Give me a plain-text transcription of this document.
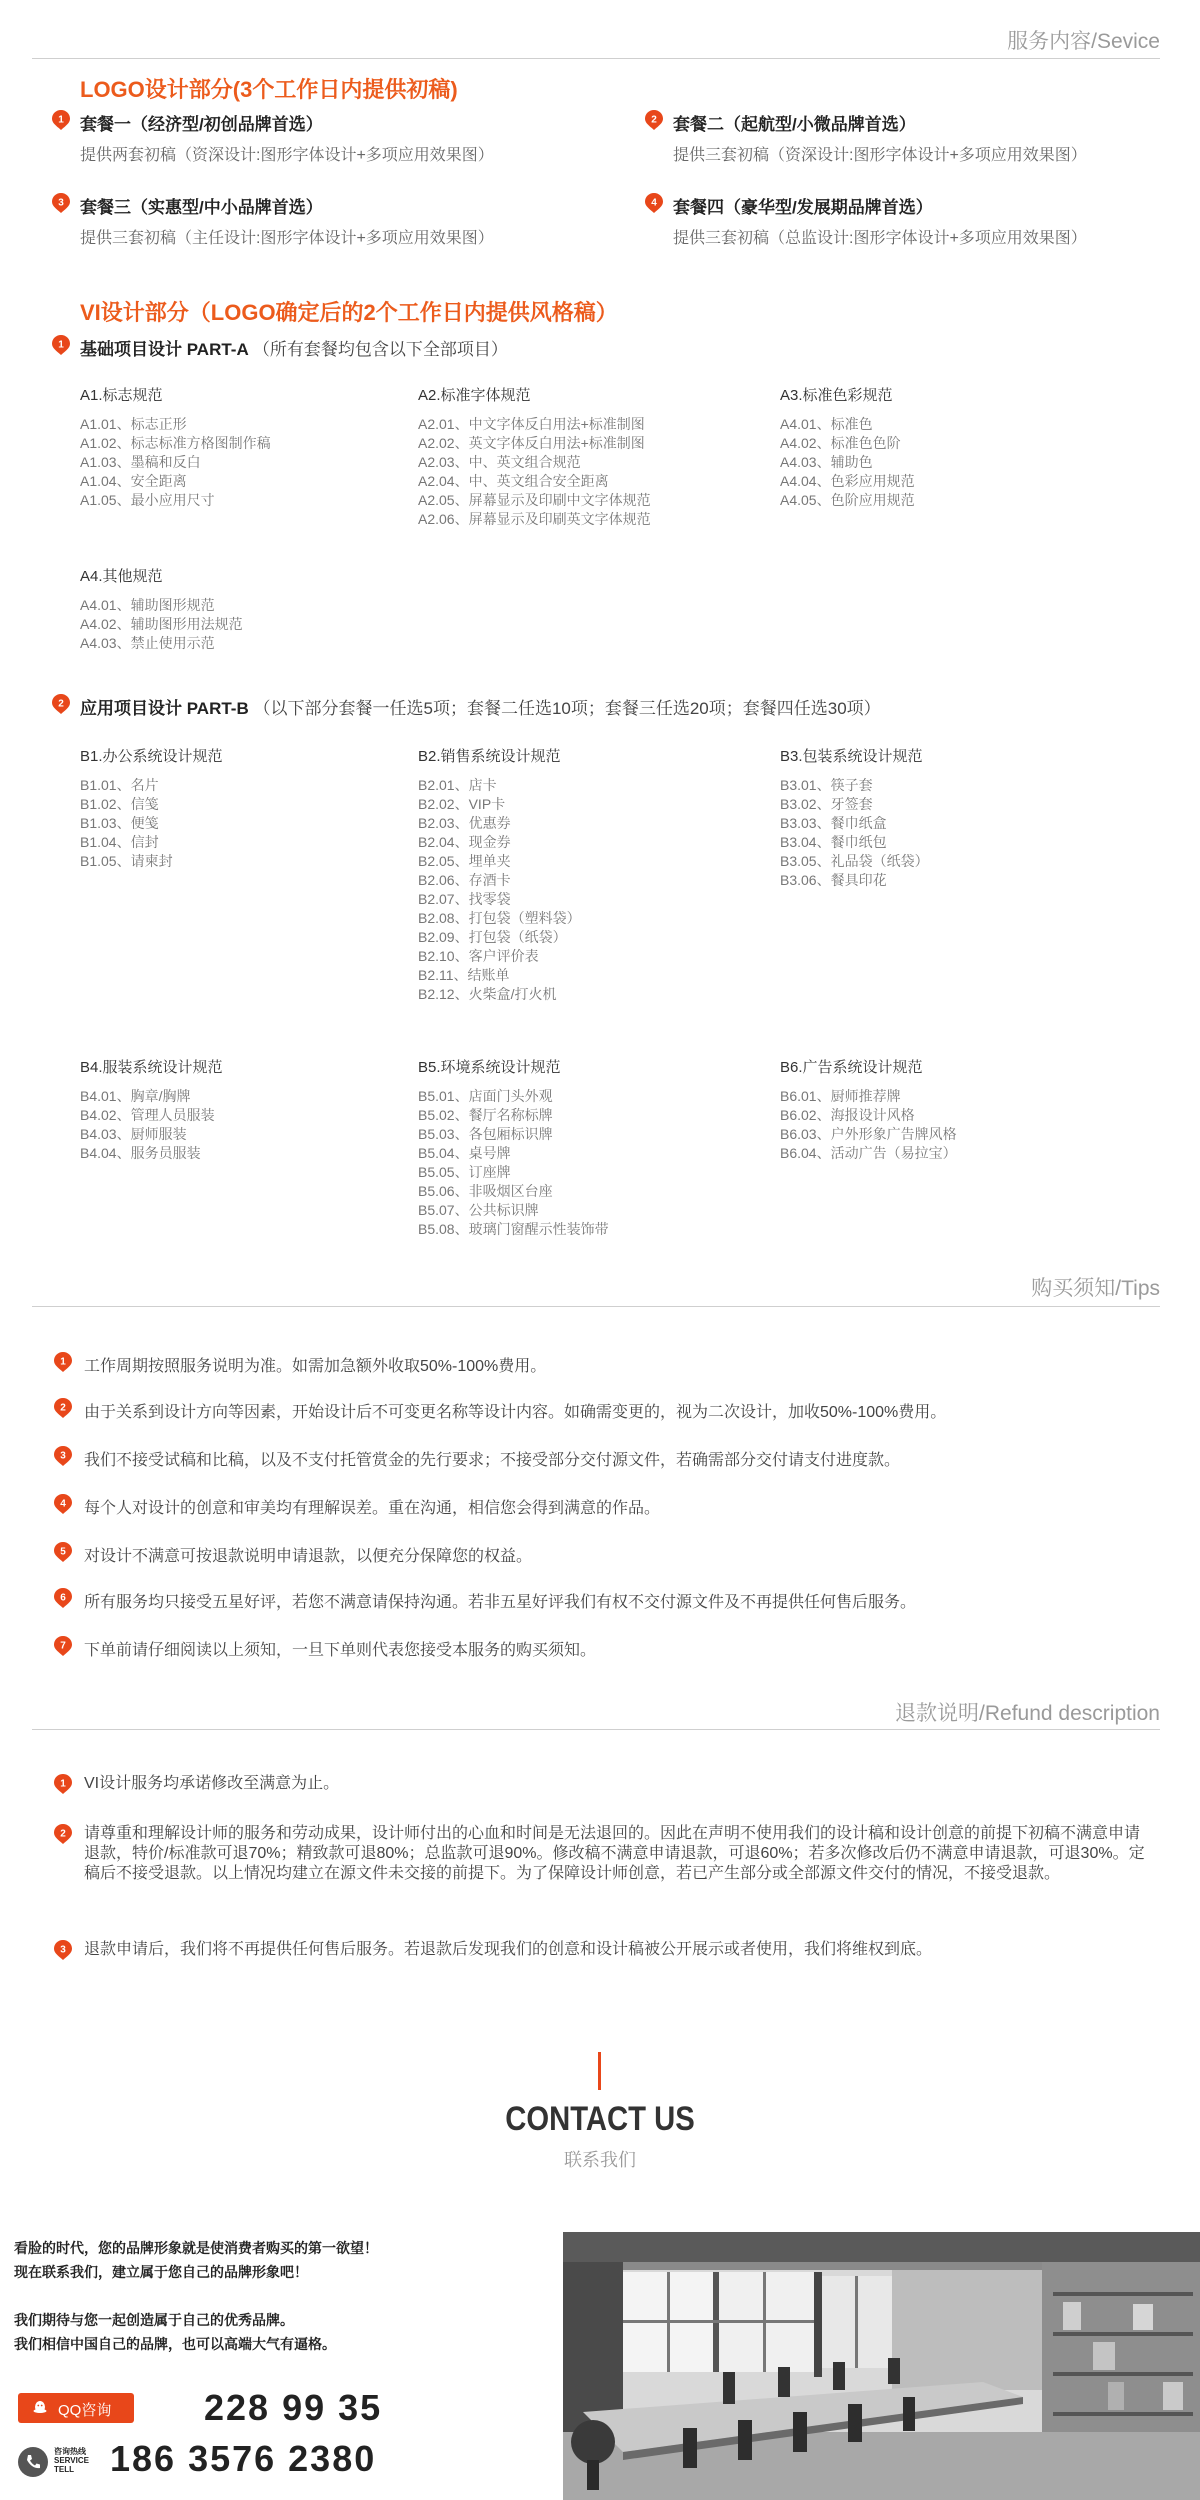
服务内容/Sevice
LOGO设计部分(3个工作日内提供初稿)
1 套餐一（经济型/初创品牌首选）
提供两套初稿（资深设计:图形字体设计+多项应用效果图）
2 套餐二（起航型/小微品牌首选）
提供三套初稿（资深设计:图形字体设计+多项应用效果图）
3 套餐三（实惠型/中小品牌首选）
提供三套初稿（主任设计:图形字体设计+多项应用效果图）
4 套餐四（豪华型/发展期品牌首选）
提供三套初稿（总监设计:图形字体设计+多项应用效果图）
VI设计部分（LOGO确定后的2个工作日内提供风格稿）
1 基础项目设计 PART-A （所有套餐均包含以下全部项目）
A1.标志规范
A1.01、标志正形
A1.02、标志标准方格图制作稿
A1.03、墨稿和反白
A1.04、安全距离
A1.05、最小应用尺寸
A2.标准字体规范
A2.01、中文字体反白用法+标准制图
A2.02、英文字体反白用法+标准制图
A2.03、中、英文组合规范
A2.04、中、英文组合安全距离
A2.05、屏幕显示及印刷中文字体规范
A2.06、屏幕显示及印刷英文字体规范
A3.标准色彩规范
A4.01、标准色
A4.02、标准色色阶
A4.03、辅助色
A4.04、色彩应用规范
A4.05、色阶应用规范
A4.其他规范
A4.01、辅助图形规范
A4.02、辅助图形用法规范
A4.03、禁止使用示范
2 应用项目设计 PART-B （以下部分套餐一任选5项；套餐二任选10项；套餐三任选20项；套餐四任选30项）
B1.办公系统设计规范
B1.01、名片
B1.02、信笺
B1.03、便笺
B1.04、信封
B1.05、请柬封
B2.销售系统设计规范
B2.01、店卡
B2.02、VIP卡
B2.03、优惠券
B2.04、现金券
B2.05、埋单夹
B2.06、存酒卡
B2.07、找零袋
B2.08、打包袋（塑料袋）
B2.09、打包袋（纸袋）
B2.10、客户评价表
B2.11、结账单
B2.12、火柴盒/打火机
B3.包装系统设计规范
B3.01、筷子套
B3.02、牙签套
B3.03、餐巾纸盒
B3.04、餐巾纸包
B3.05、礼品袋（纸袋）
B3.06、餐具印花
B4.服装系统设计规范
B4.01、胸章/胸牌
B4.02、管理人员服装
B4.03、厨师服装
B4.04、服务员服装
B5.环境系统设计规范
B5.01、店面门头外观
B5.02、餐厅名称标牌
B5.03、各包厢标识牌
B5.04、桌号牌
B5.05、订座牌
B5.06、非吸烟区台座
B5.07、公共标识牌
B5.08、玻璃门窗醒示性装饰带
B6.广告系统设计规范
B6.01、厨师推荐牌
B6.02、海报设计风格
B6.03、户外形象广告牌风格
B6.04、活动广告（易拉宝）
购买须知/Tips
1 工作周期按照服务说明为准。如需加急额外收取50%-100%费用。
2 由于关系到设计方向等因素，开始设计后不可变更名称等设计内容。如确需变更的，视为二次设计，加收50%-100%费用。
3 我们不接受试稿和比稿，以及不支付托管赏金的先行要求；不接受部分交付源文件，若确需部分交付请支付进度款。
4 每个人对设计的创意和审美均有理解误差。重在沟通，相信您会得到满意的作品。
5 对设计不满意可按退款说明申请退款，以便充分保障您的权益。
6 所有服务均只接受五星好评，若您不满意请保持沟通。若非五星好评我们有权不交付源文件及不再提供任何售后服务。
7 下单前请仔细阅读以上须知，一旦下单则代表您接受本服务的购买须知。
退款说明/Refund description
1 VI设计服务均承诺修改至满意为止。
2 请尊重和理解设计师的服务和劳动成果，设计师付出的心血和时间是无法退回的。因此在声明不使用我们的设计稿和设计创意的前提下初稿不满意申请退款，特价/标准款可退70%；精致款可退80%；总监款可退90%。修改稿不满意申请退款，可退60%；若多次修改后仍不满意申请退款，可退30%。定稿后不接受退款。以上情况均建立在源文件未交接的前提下。为了保障设计师创意，若已产生部分或全部源文件交付的情况，不接受退款。
3 退款申请后，我们将不再提供任何售后服务。若退款后发现我们的创意和设计稿被公开展示或者使用，我们将维权到底。
CONTACT US
联系我们
看脸的时代，您的品牌形象就是使消费者购买的第一欲望！
现在联系我们，建立属于您自己的品牌形象吧！
我们期待与您一起创造属于自己的优秀品牌。
我们相信中国自己的品牌，也可以高端大气有逼格。
QQ咨询	228 99 35
咨询热线
SERVICE
TELL	186 3576 2380
